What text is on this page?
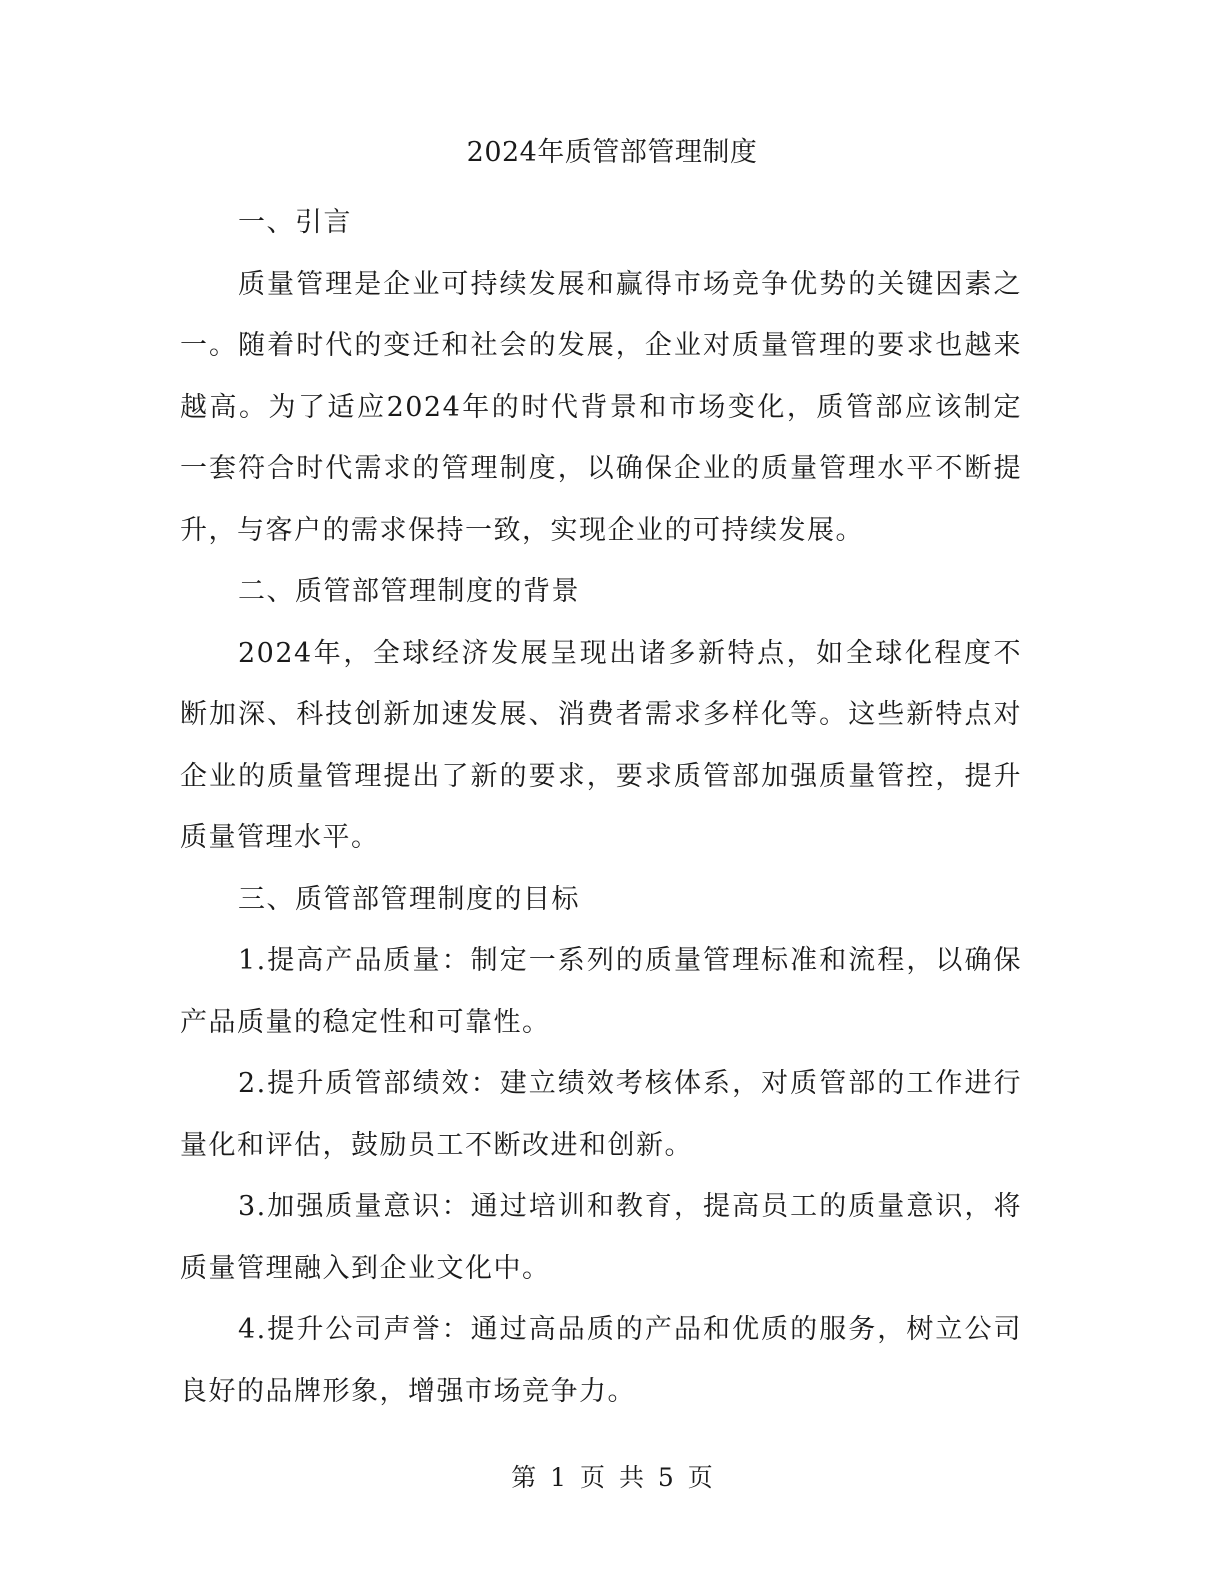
2024年质管部管理制度

一、引言

质量管理是企业可持续发展和赢得市场竞争优势的关键因素之一。随着时代的变迁和社会的发展，企业对质量管理的要求也越来越高。为了适应2024年的时代背景和市场变化，质管部应该制定一套符合时代需求的管理制度，以确保企业的质量管理水平不断提升，与客户的需求保持一致，实现企业的可持续发展。

二、质管部管理制度的背景

2024年，全球经济发展呈现出诸多新特点，如全球化程度不断加深、科技创新加速发展、消费者需求多样化等。这些新特点对企业的质量管理提出了新的要求，要求质管部加强质量管控，提升质量管理水平。

三、质管部管理制度的目标

1.提高产品质量：制定一系列的质量管理标准和流程，以确保产品质量的稳定性和可靠性。

2.提升质管部绩效：建立绩效考核体系，对质管部的工作进行量化和评估，鼓励员工不断改进和创新。

3.加强质量意识：通过培训和教育，提高员工的质量意识，将质量管理融入到企业文化中。

4.提升公司声誉：通过高品质的产品和优质的服务，树立公司良好的品牌形象，增强市场竞争力。

第 1 页 共 5 页
